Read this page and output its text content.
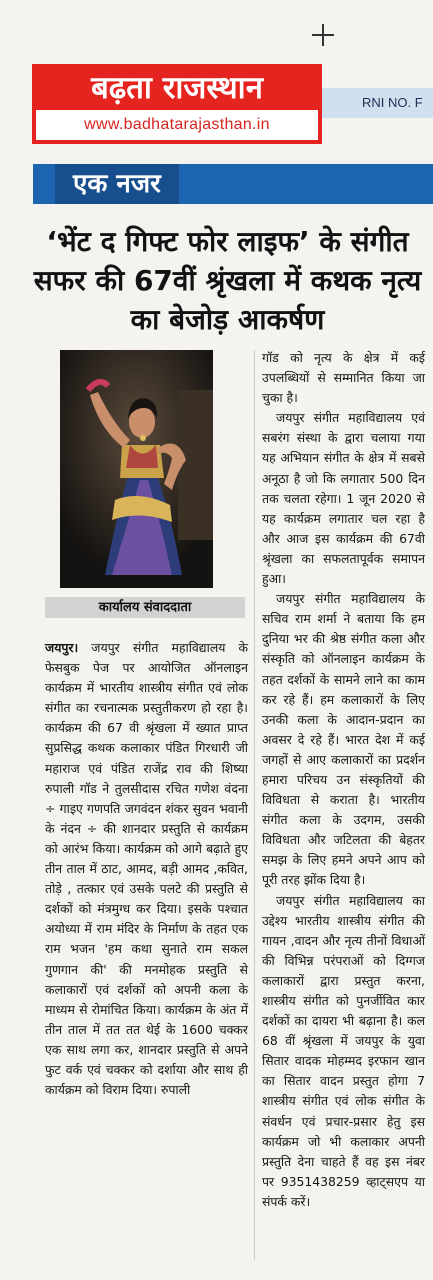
बढ़ता राजस्थान
www.badhatarajasthan.in
RNI NO. F
एक नजर
‘भेंट द गिफ्ट फोर लाइफ’ के संगीत सफर की 67वीं श्रृंखला में कथक नृत्य का बेजोड़ आकर्षण
कार्यालय संवाददाता

जयपुर। जयपुर संगीत महाविद्यालय के फेसबुक पेज पर आयोजित ऑनलाइन कार्यक्रम में भारतीय शास्त्रीय संगीत एवं लोक संगीत का रचनात्मक प्रस्तुतीकरण हो रहा है। कार्यक्रम की 67 वी श्रृंखला में ख्यात प्राप्त सुप्रसिद्ध कथक कलाकार पंडित गिरधारी जी महाराज एवं पंडित राजेंद्र राव की शिष्या रुपाली गॉड ने तुलसीदास रचित गणेश वंदना ÷ गाइए गणपति जगवंदन शंकर सुवन भवानी के नंदन ÷ की शानदार प्रस्तुति से कार्यक्रम को आरंभ किया। कार्यक्रम को आगे बढ़ाते हुए तीन ताल में ठाट, आमद, बड़ी आमद ,कवित, तोड़े , तत्कार एवं उसके पलटे की प्रस्तुति से दर्शकों को मंत्रमुग्ध कर दिया। इसके पश्चात अयोध्या में राम मंदिर के निर्माण के तहत एक राम भजन 'हम कथा सुनाते राम सकल गुणगान की' की मनमोहक प्रस्तुति से कलाकारों एवं दर्शकों को अपनी कला के माध्यम से रोमांचित किया। कार्यक्रम के अंत में तीन ताल में तत तत थेई के 1600 चक्कर एक साथ लगा कर, शानदार प्रस्तुति से अपने फुट वर्क एवं चक्कर को दर्शाया और साथ ही कार्यक्रम को विराम दिया। रुपाली

गॉड को नृत्य के क्षेत्र में कई उपलब्धियों से सम्मानित किया जा चुका है।

जयपुर संगीत महाविद्यालय एवं सबरंग संस्था के द्वारा चलाया गया यह अभियान संगीत के क्षेत्र में सबसे अनूठा है जो कि लगातार 500 दिन तक चलता रहेगा। 1 जून 2020 से यह कार्यक्रम लगातार चल रहा है और आज इस कार्यक्रम की 67वी श्रृंखला का सफलतापूर्वक समापन हुआ।

जयपुर संगीत महाविद्यालय के सचिव राम शर्मा ने बताया कि हम दुनिया भर की श्रेष्ठ संगीत कला और संस्कृति को ऑनलाइन कार्यक्रम के तहत दर्शकों के सामने लाने का काम कर रहे हैं। हम कलाकारों के लिए उनकी कला के आदान-प्रदान का अवसर दे रहे हैं। भारत देश में कई जगहों से आए कलाकारों का प्रदर्शन हमारा परिचय उन संस्कृतियों की विविधता से कराता है। भारतीय संगीत कला के उदगम, उसकी विविधता और जटिलता की बेहतर समझ के लिए हमने अपने आप को पूरी तरह झोंक दिया है।

जयपुर संगीत महाविद्यालय का उद्देश्य भारतीय शास्त्रीय संगीत की गायन ,वादन और नृत्य तीनों विधाओं की विभिन्न परंपराओं को दिग्गज कलाकारों द्वारा प्रस्तुत करना, शास्त्रीय संगीत को पुनर्जीवित कार दर्शकों का दायरा भी बढ़ाना है। कल 68 वीं श्रृंखला में जयपुर के युवा सितार वादक मोहम्मद इरफान खान का सितार वादन प्रस्तुत होगा 7 शास्त्रीय संगीत एवं लोक संगीत के संवर्धन एवं प्रचार-प्रसार हेतु इस कार्यक्रम जो भी कलाकार अपनी प्रस्तुति देना चाहते हैं वह इस नंबर पर 9351438259 व्हाट्सएप या संपर्क करें।
